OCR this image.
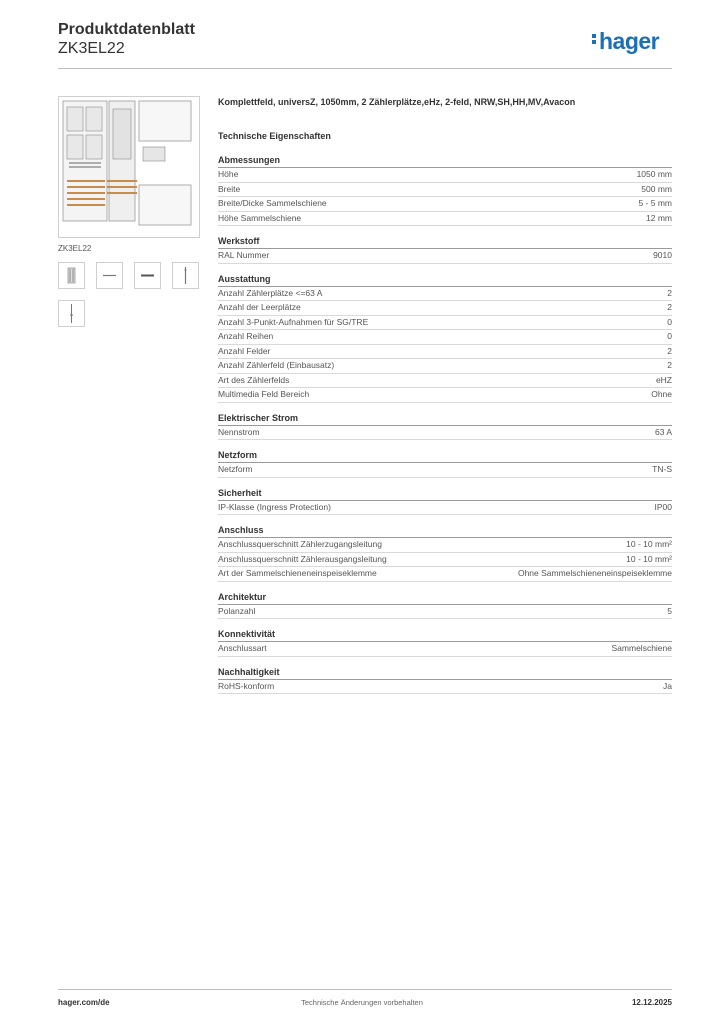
Produktdatenblatt
ZK3EL22	hager
ZK3EL22
Komplettfeld, universZ, 1050mm, 2 Zählerplätze,eHz, 2-feld, NRW,SH,HH,MV,Avacon
Technische Eigenschaften
Abmessungen
Höhe	1050 mm
Breite	500 mm
Breite/Dicke Sammelschiene	5 - 5 mm
Höhe Sammelschiene	12 mm
Werkstoff
RAL Nummer	9010
Ausstattung
Anzahl Zählerplätze <=63 A	2
Anzahl der Leerplätze	2
Anzahl 3-Punkt-Aufnahmen für SG/TRE	0
Anzahl Reihen	0
Anzahl Felder	2
Anzahl Zählerfeld (Einbausatz)	2
Art des Zählerfelds	eHZ
Multimedia Feld Bereich	Ohne
Elektrischer Strom
Nennstrom	63 A
Netzform
Netzform	TN-S
Sicherheit
IP-Klasse (Ingress Protection)	IP00
Anschluss
Anschlussquerschnitt Zählerzugangsleitung	10 - 10 mm²
Anschlussquerschnitt Zählerausgangsleitung	10 - 10 mm²
Art der Sammelschieneneinspeiseklemme	Ohne Sammelschieneneinspeiseklemme
Architektur
Polanzahl	5
Konnektivität
Anschlussart	Sammelschiene
Nachhaltigkeit
RoHS-konform	Ja
hager.com/de	Technische Änderungen vorbehalten	12.12.2025
